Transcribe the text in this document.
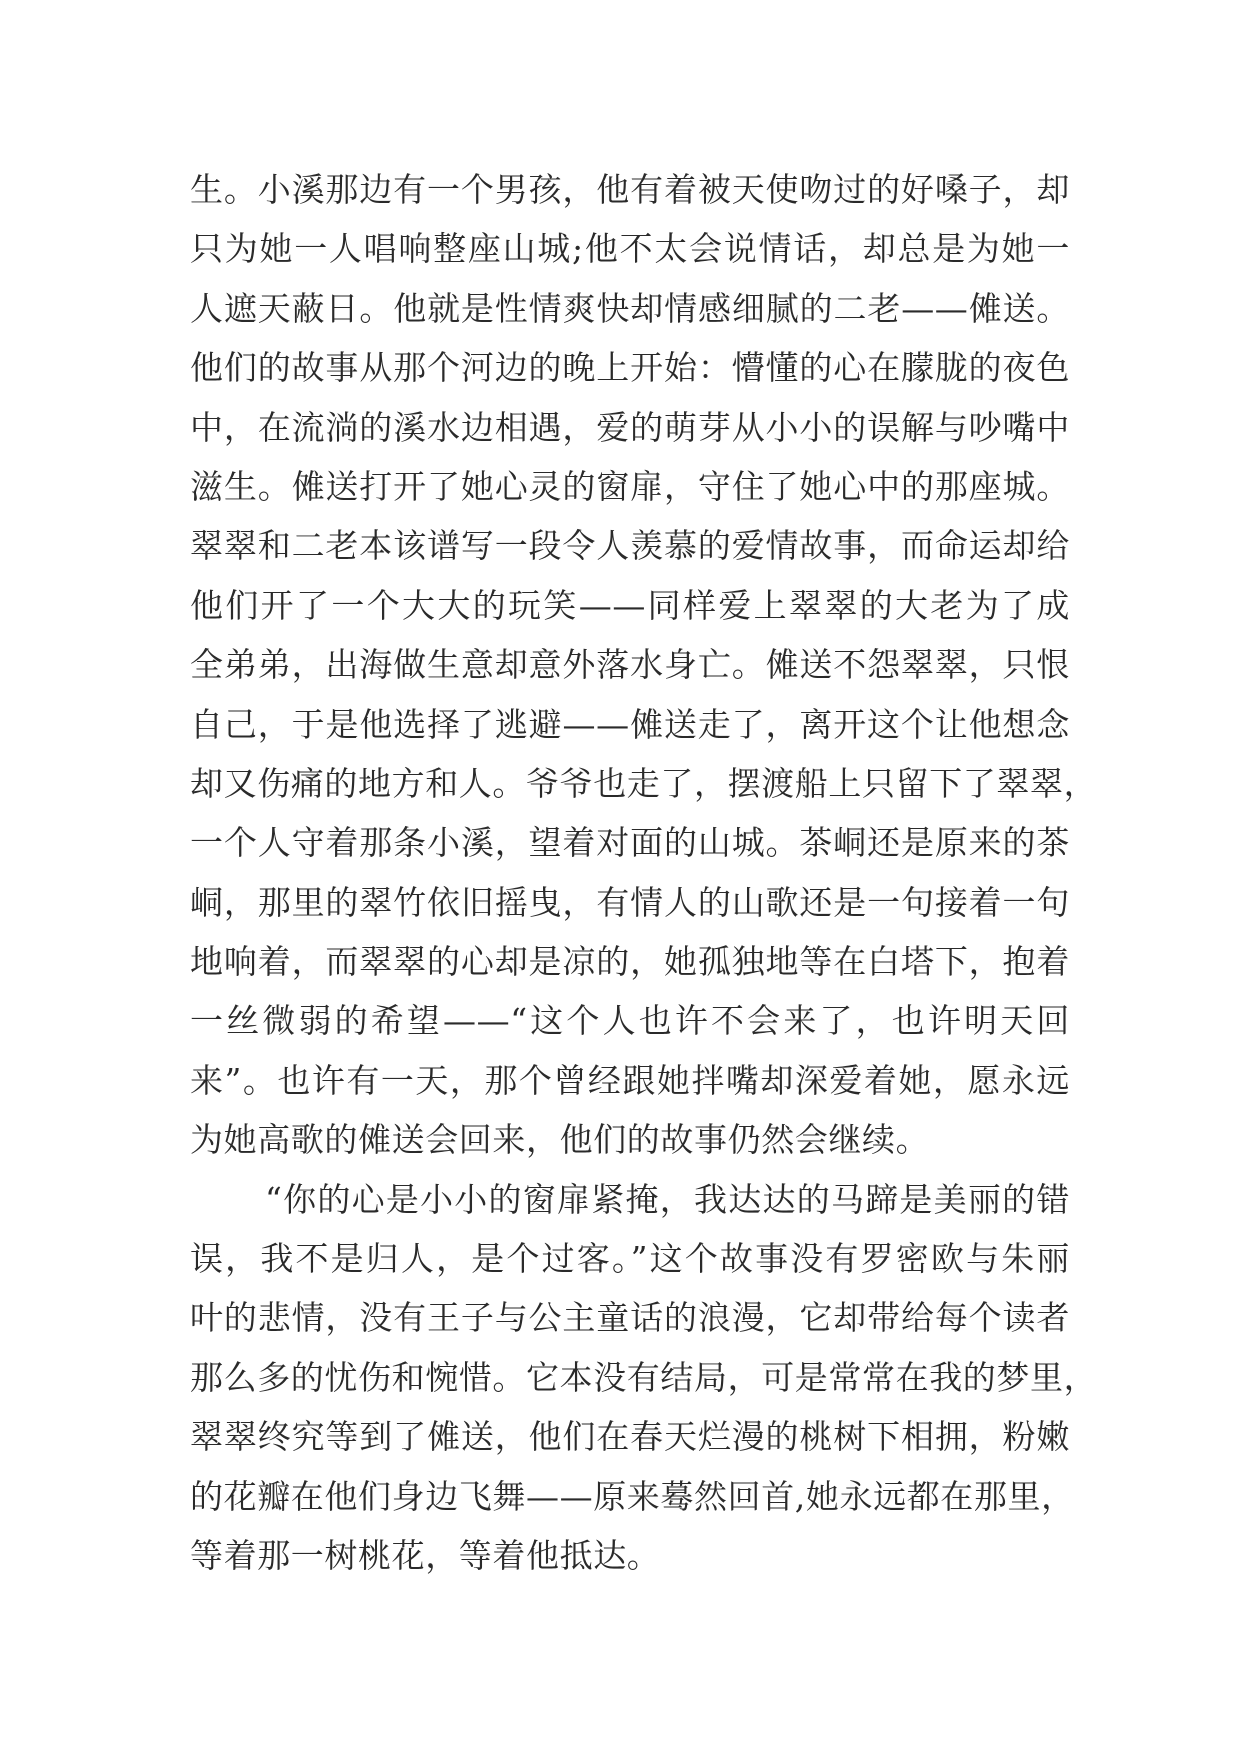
生。小溪那边有一个男孩，他有着被天使吻过的好嗓子，却
只为她一人唱响整座山城;他不太会说情话，却总是为她一
人遮天蔽日。他就是性情爽快却情感细腻的二老——傩送。
他们的故事从那个河边的晚上开始：懵懂的心在朦胧的夜色
中，在流淌的溪水边相遇，爱的萌芽从小小的误解与吵嘴中
滋生。傩送打开了她心灵的窗扉，守住了她心中的那座城。
翠翠和二老本该谱写一段令人羡慕的爱情故事，而命运却给
他们开了一个大大的玩笑——同样爱上翠翠的大老为了成
全弟弟，出海做生意却意外落水身亡。傩送不怨翠翠，只恨
自己，于是他选择了逃避——傩送走了，离开这个让他想念
却又伤痛的地方和人。爷爷也走了，摆渡船上只留下了翠翠，
一个人守着那条小溪，望着对面的山城。茶峒还是原来的茶
峒，那里的翠竹依旧摇曳，有情人的山歌还是一句接着一句
地响着，而翠翠的心却是凉的，她孤独地等在白塔下，抱着
一丝微弱的希望——“这个人也许不会来了，也许明天回
来”。也许有一天，那个曾经跟她拌嘴却深爱着她，愿永远
为她高歌的傩送会回来，他们的故事仍然会继续。
“你的心是小小的窗扉紧掩，我达达的马蹄是美丽的错
误，我不是归人，是个过客。”这个故事没有罗密欧与朱丽
叶的悲情，没有王子与公主童话的浪漫，它却带给每个读者
那么多的忧伤和惋惜。它本没有结局，可是常常在我的梦里，
翠翠终究等到了傩送，他们在春天烂漫的桃树下相拥，粉嫩
的花瓣在他们身边飞舞——原来蓦然回首,她永远都在那里，
等着那一树桃花，等着他抵达。
